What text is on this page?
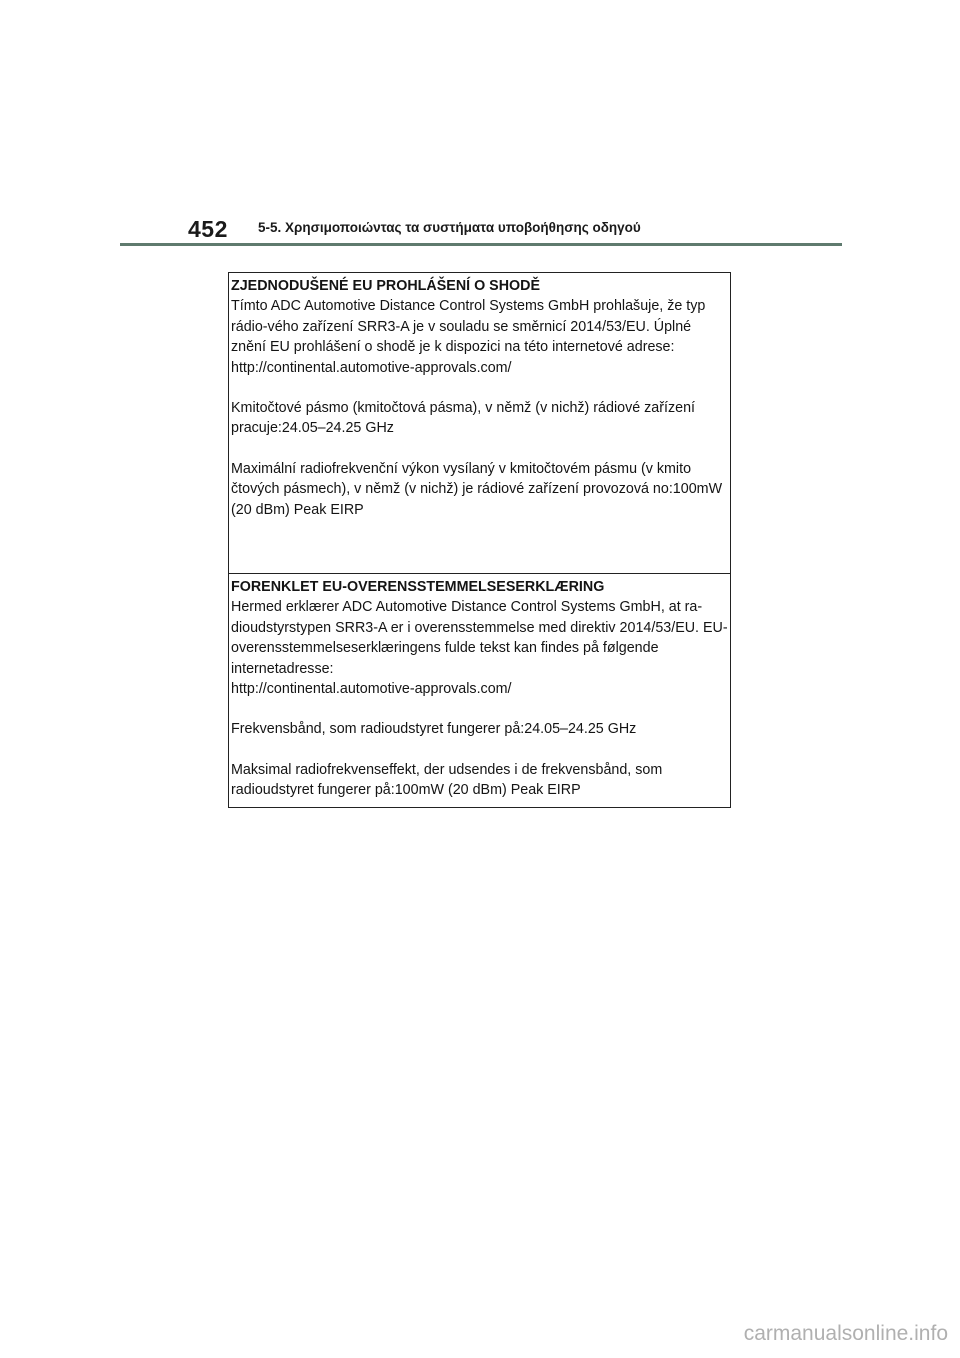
452 5-5. Χρησιμοποιώντας τα συστήματα υποβοήθησης οδηγού

ZJEDNODUŠENÉ EU PROHLÁŠENÍ O SHODĚ

Tímto ADC Automotive Distance Control Systems GmbH prohlašuje, že typ rádio-vého zařízení SRR3-A je v souladu se směrnicí 2014/53/EU. Úplné znění EU prohlášení o shodě je k dispozici na této internetové adrese:

http://continental.automotive-approvals.com/

Kmitočtové pásmo (kmitočtová pásma), v němž (v nichž) rádiové zařízení pracuje:24.05–24.25 GHz

Maximální radiofrekvenční výkon vysílaný v kmitočtovém pásmu (v kmito čtových pásmech), v němž (v nichž) je rádiové zařízení provozová no:100mW (20 dBm) Peak EIRP

FORENKLET EU-OVERENSSTEMMELSESERKLÆRING

Hermed erklærer ADC Automotive Distance Control Systems GmbH, at ra-dioudstyrstypen SRR3-A er i overensstemmelse med direktiv 2014/53/EU. EU-overensstemmelseserklæringens fulde tekst kan findes på følgende internetadresse:

http://continental.automotive-approvals.com/

Frekvensbånd, som radioudstyret fungerer på:24.05–24.25 GHz

Maksimal radiofrekvenseffekt, der udsendes i de frekvensbånd, som radioudstyret fungerer på:100mW (20 dBm) Peak EIRP

carmanualsonline.info
